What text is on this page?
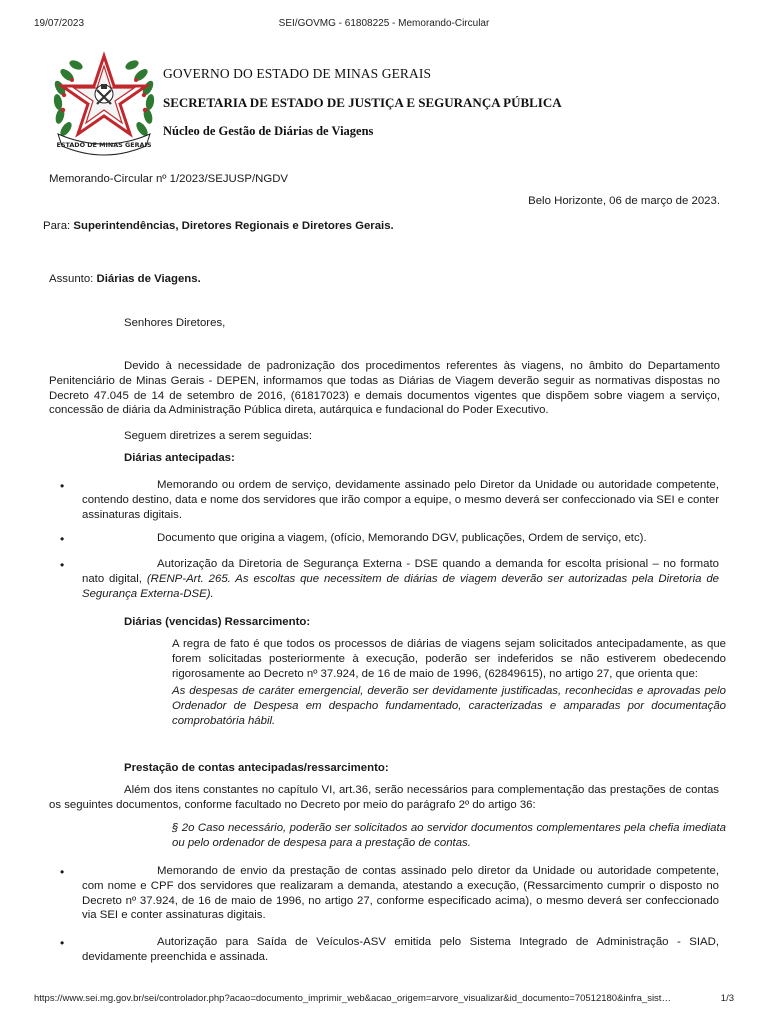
19/07/2023	SEI/GOVMG - 61808225 - Memorando-Circular
ESTADO DE MINAS GERAIS
GOVERNO DO ESTADO DE MINAS GERAIS
SECRETARIA DE ESTADO DE JUSTIÇA E SEGURANÇA PÚBLICA
Núcleo de Gestão de Diárias de Viagens
Memorando-Circular nº 1/2023/SEJUSP/NGDV
Belo Horizonte, 06 de março de 2023.
Para: Superintendências, Diretores Regionais e Diretores Gerais.
Assunto: Diárias de Viagens.
Senhores Diretores,

Devido à necessidade de padronização dos procedimentos referentes às viagens, no âmbito do Departamento Penitenciário de Minas Gerais - DEPEN, informamos que todas as Diárias de Viagem deverão seguir as normativas dispostas no Decreto 47.045 de 14 de setembro de 2016, (61817023) e demais documentos vigentes que dispõem sobre viagem a serviço, concessão de diária da Administração Pública direta, autárquica e fundacional do Poder Executivo.

Seguem diretrizes a serem seguidas:
Diárias antecipadas:
•	Memorando ou ordem de serviço, devidamente assinado pelo Diretor da Unidade ou autoridade competente, contendo destino, data e nome dos servidores que irão compor a equipe, o mesmo deverá ser confeccionado via SEI e conter assinaturas digitais.

•	Documento que origina a viagem, (ofício, Memorando DGV, publicações, Ordem de serviço, etc).

•	Autorização da Diretoria de Segurança Externa - DSE quando a demanda for escolta prisional – no formato nato digital, (RENP-Art. 265. As escoltas que necessitem de diárias de viagem deverão ser autorizadas pela Diretoria de Segurança Externa-DSE).

Diárias (vencidas) Ressarcimento:

A regra de fato é que todos os processos de diárias de viagens sejam solicitados antecipadamente, as que forem solicitadas posteriormente à execução, poderão ser indeferidos se não estiverem obedecendo rigorosamente ao Decreto nº 37.924, de 16 de maio de 1996, (62849615), no artigo 27, que orienta que:

As despesas de caráter emergencial, deverão ser devidamente justificadas, reconhecidas e aprovadas pelo Ordenador de Despesa em despacho fundamentado, caracterizadas e amparadas por documentação comprobatória hábil.

Prestação de contas antecipadas/ressarcimento:

Além dos itens constantes no capítulo VI, art.36, serão necessários para complementação das prestações de contas os seguintes documentos, conforme facultado no Decreto por meio do parágrafo 2º do artigo 36:

§ 2o Caso necessário, poderão ser solicitados ao servidor documentos complementares pela chefia imediata ou pelo ordenador de despesa para a prestação de contas.

•	Memorando de envio da prestação de contas assinado pelo diretor da Unidade ou autoridade competente, com nome e CPF dos servidores que realizaram a demanda, atestando a execução, (Ressarcimento cumprir o disposto no Decreto nº 37.924, de 16 de maio de 1996, no artigo 27, conforme especificado acima), o mesmo deverá ser confeccionado via SEI e conter assinaturas digitais.

•	Autorização para Saída de Veículos-ASV emitida pelo Sistema Integrado de Administração - SIAD, devidamente preenchida e assinada.

https://www.sei.mg.gov.br/sei/controlador.php?acao=documento_imprimir_web&acao_origem=arvore_visualizar&id_documento=70512180&infra_sist…	1/3
